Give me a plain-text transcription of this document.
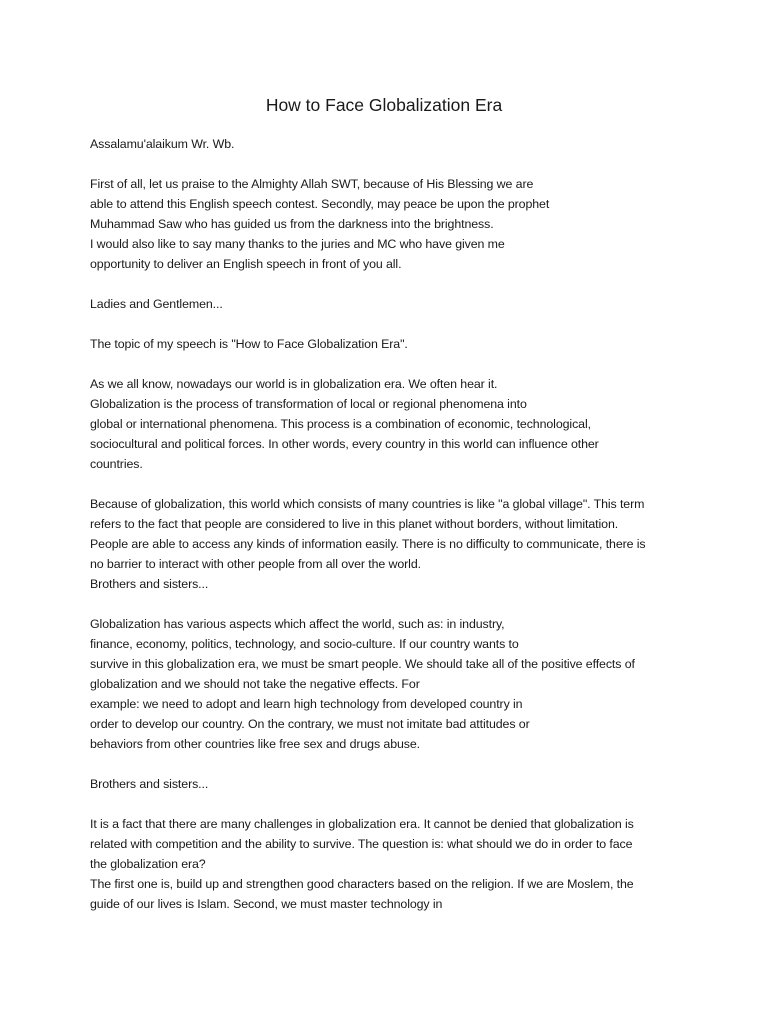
How to Face Globalization Era

Assalamu'alaikum Wr. Wb.

First of all, let us praise to the Almighty Allah SWT, because of His Blessing we are
able to attend this English speech contest. Secondly, may peace be upon the prophet
Muhammad Saw who has guided us from the darkness into the brightness.
I would also like to say many thanks to the juries and MC who have given me
opportunity to deliver an English speech in front of you all.

Ladies and Gentlemen...

The topic of my speech is "How to Face Globalization Era".

As we all know, nowadays our world is in globalization era. We often hear it.
Globalization is the process of transformation of local or regional phenomena into
global or international phenomena. This process is a combination of economic, technological,
sociocultural and political forces. In other words, every country in this world can influence other
countries.

Because of globalization, this world which consists of many countries is like "a global village". This term
refers to the fact that people are considered to live in this planet without borders, without limitation.
People are able to access any kinds of information easily. There is no difficulty to communicate, there is
no barrier to interact with other people from all over the world.
Brothers and sisters...

Globalization has various aspects which affect the world, such as: in industry,
finance, economy, politics, technology, and socio-culture. If our country wants to
survive in this globalization era, we must be smart people. We should take all of the positive effects of
globalization and we should not take the negative effects. For
example: we need to adopt and learn high technology from developed country in
order to develop our country. On the contrary, we must not imitate bad attitudes or
behaviors from other countries like free sex and drugs abuse.

Brothers and sisters...

It is a fact that there are many challenges in globalization era. It cannot be denied that globalization is
related with competition and the ability to survive. The question is: what should we do in order to face
the globalization era?
The first one is, build up and strengthen good characters based on the religion. If we are Moslem, the
guide of our lives is Islam. Second, we must master technology in
